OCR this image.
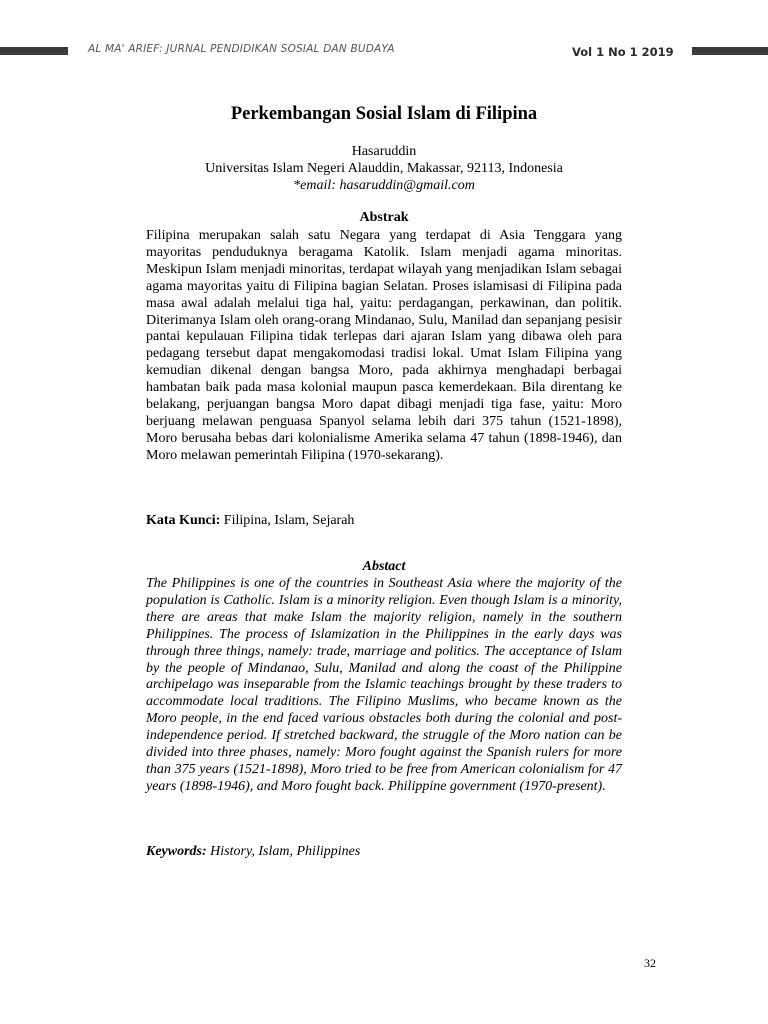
AL MA' ARIEF: JURNAL PENDIDIKAN SOSIAL DAN BUDAYA	Vol 1 No 1 2019
Perkembangan Sosial Islam di Filipina
Hasaruddin
Universitas Islam Negeri Alauddin, Makassar, 92113, Indonesia
*email: hasaruddin@gmail.com
Abstrak

Filipina merupakan salah satu Negara yang terdapat di Asia Tenggara yang mayoritas penduduknya beragama Katolik. Islam menjadi agama minoritas. Meskipun Islam menjadi minoritas, terdapat wilayah yang menjadikan Islam sebagai agama mayoritas yaitu di Filipina bagian Selatan. Proses islamisasi di Filipina pada masa awal adalah melalui tiga hal, yaitu: perdagangan, perkawinan, dan politik. Diterimanya Islam oleh orang-orang Mindanao, Sulu, Manilad dan sepanjang pesisir pantai kepulauan Filipina tidak terlepas dari ajaran Islam yang dibawa oleh para pedagang tersebut dapat mengakomodasi tradisi lokal. Umat Islam Filipina yang kemudian dikenal dengan bangsa Moro, pada akhirnya menghadapi berbagai hambatan baik pada masa kolonial maupun pasca kemerdekaan. Bila direntang ke belakang, perjuangan bangsa Moro dapat dibagi menjadi tiga fase, yaitu: Moro berjuang melawan penguasa Spanyol selama lebih dari 375 tahun (1521-1898), Moro berusaha bebas dari kolonialisme Amerika selama 47 tahun (1898-1946), dan Moro melawan pemerintah Filipina (1970-sekarang).

Kata Kunci: Filipina, Islam, Sejarah
Abstact

The Philippines is one of the countries in Southeast Asia where the majority of the population is Catholic. Islam is a minority religion. Even though Islam is a minority, there are areas that make Islam the majority religion, namely in the southern Philippines. The process of Islamization in the Philippines in the early days was through three things, namely: trade, marriage and politics. The acceptance of Islam by the people of Mindanao, Sulu, Manilad and along the coast of the Philippine archipelago was inseparable from the Islamic teachings brought by these traders to accommodate local traditions. The Filipino Muslims, who became known as the Moro people, in the end faced various obstacles both during the colonial and post-independence period. If stretched backward, the struggle of the Moro nation can be divided into three phases, namely: Moro fought against the Spanish rulers for more than 375 years (1521-1898), Moro tried to be free from American colonialism for 47 years (1898-1946), and Moro fought back. Philippine government (1970-present).

Keywords: History, Islam, Philippines
32
